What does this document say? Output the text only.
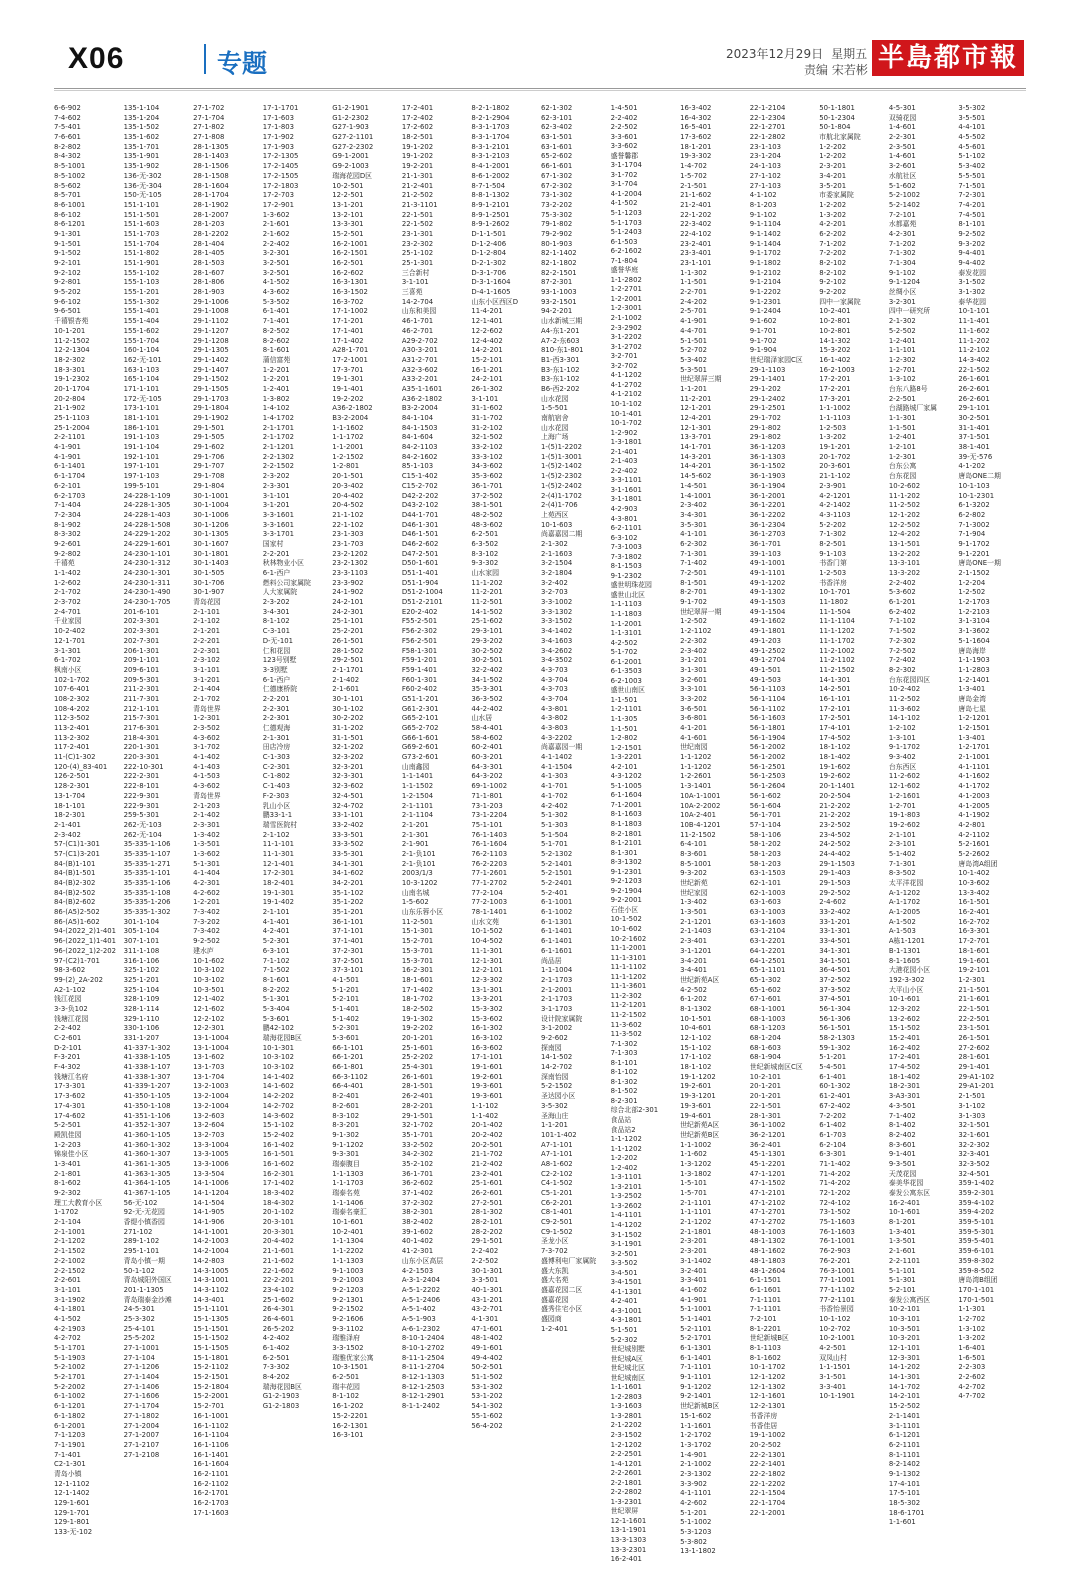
X06	专题	2023年12月29日 星期五
责编 宋若彬 半島都市報
6-6-902
7-4-602
7-5-401
7-6-601
8-2-802
8-4-302
8-5-1001
8-5-1002
8-5-602
8-5-701
8-6-1001
8-6-102
8-6-1201
9-1-301
9-1-501
9-1-502
9-2-101
9-2-102
9-2-801
9-5-202
9-6-102
9-6-501
千禧银杏苑
10-1-201
11-2-1502
12-2-1304
18-2-302
18-3-301
19-1-2302
20-1-1704
20-2-804
21-1-902
25-1-1103
25-1-2004
2-2-1101
4-1-901
4-1-901
6-1-1401
6-1-1704
6-2-101
6-2-1703
7-1-404
7-2-304
8-1-902
8-3-302
9-2-601
9-2-802
千禧苑
1-1-402
1-2-602
2-1-702
2-3-702
2-4-701
千业家园
10-2-402
12-1-701
3-1-301
6-1-702
枫南小区
102-1-702
107-6-401
108-2-302
108-4-202
112-3-502
113-2-401
113-2-302
117-2-401
11-(C)1-302
120-(4)_83-401
126-2-501
128-2-301
13-1-704
18-1-101
18-2-301
2-1-401
2-3-402
57-(C1)1-301
57-(C1)3-201
84-(B)1-101
84-(B)1-501
84-(B)2-302
84-(B)2-502
84-(B)2-602
86-(A5)2-502
86-(A5)1-602
94-(2022_2)1-401
96-(2022_1)1-401
96-(2022_1)2-202
97-(C2)1-701
98-3-602
99-(2)_2A-202
A2-1-102
钱江花园
3-3-负102
钱塘江花园
2-2-402
C-2-601
D-2-101
F-3-201
F-4-302
钱塘江名府
17-3-301
17-3-602
17-4-301
17-4-602
5-2-501
殿凯佳园
1-2-203
锦泉佳小区
1-3-401
2-1-801
8-1-602
9-2-302
理工大教育小区
1-1702
2-1-104
2-1-1001
2-1-1202
2-1-1502
2-2-1002
2-2-1502
2-2-601
3-1-101
3-1-1902
4-1-1801
4-1-502
4-2-1903
4-2-702
5-1-1701
5-1-1903
5-2-1002
5-2-1701
5-2-2002
6-1-1002
6-1-1201
6-1-1802
6-1-2001
7-1-1203
7-1-1901
7-1-401
C2-1-301
青岛小镇
12-1-1102
12-1-1402
129-1-601
129-1-701
129-1-801
133-无-102
135-1-104
135-1-204
135-1-502
135-1-602
135-1-701
135-1-901
135-1-902
136-无-302
136-无-304
150-无-105
151-1-101
151-1-501
151-1-603
151-1-703
151-1-704
151-1-802
151-1-901
155-1-102
155-1-103
155-1-201
155-1-302
155-1-401
155-1-404
155-1-602
155-1-704
160-1-104
162-无-101
163-1-103
165-1-104
171-1-101
172-无-105
173-1-101
181-1-101
186-1-101
191-1-103
191-1-104
192-1-101
197-1-101
197-1-103
199-5-101
24-228-1-109
24-228-1-305
24-228-1-403
24-228-1-508
24-229-1-202
24-229-1-601
24-230-1-101
24-230-1-312
24-230-1-301
24-230-1-311
24-230-1-490
24-230-1-705
201-6-101
202-3-301
202-3-301
202-7-301
206-1-301
209-1-101
209-6-101
209-5-301
211-2-301
211-7-301
212-1-101
215-7-301
217-6-301
218-4-301
220-1-301
220-3-301
222-10-301
222-2-301
222-8-101
222-9-301
222-9-301
259-5-301
262-无-103
262-无-104
35-335-1-106
35-335-1-107
35-335-1-271
35-335-1-101
35-335-1-106
35-335-1-108
35-335-1-206
35-335-1-302
301-1-104
305-1-104
307-1-101
311-1-108
316-1-106
325-1-102
325-1-201
325-1-104
328-1-109
328-1-114
329-1-110
330-1-106
331-1-207
41-337-1-302
41-338-1-105
41-338-1-107
41-338-1-307
41-339-1-207
41-350-1-105
41-350-1-108
41-351-1-106
41-352-1-307
41-360-1-105
41-360-1-302
41-360-1-307
41-361-1-305
41-363-1-305
41-364-1-105
41-367-1-105
56-无-102
92-无-无花园
香缇小镇香园
271-102
289-1-102
295-1-101
青岛小镇一期
50-1-102
青岛城阳外国区
201-1-1305
青岛瑞泰金沙滩
24-5-301
25-3-302
25-4-101
25-5-202
27-1-1001
27-1-104
27-1-1206
27-1-1404
27-1-1406
27-1-1606
27-1-1704
27-1-1802
27-1-2004
27-1-2007
27-1-2107
27-1-2108
27-1-702
27-1-704
27-1-802
27-1-808
28-1-1305
28-1-1403
28-1-1506
28-1-1508
28-1-1604
28-1-1704
28-1-1902
28-1-2007
28-1-203
28-1-2202
28-1-404
28-1-405
28-1-503
28-1-607
28-1-806
28-1-903
29-1-1006
29-1-1008
29-1-1102
29-1-1207
29-1-1208
29-1-1305
29-1-1402
29-1-1407
29-1-1502
29-1-1505
29-1-1703
29-1-1804
29-1-1902
29-1-501
29-1-505
29-1-602
29-1-706
29-1-707
29-1-708
29-1-804
30-1-1001
30-1-1004
30-1-1006
30-1-1206
30-1-1305
30-1-1607
30-1-1801
30-1-1403
30-1-505
30-1-706
30-1-907
青岛花园
2-1-101
2-1-102
2-1-201
2-2-201
2-2-301
2-3-102
3-1-101
3-1-201
2-1-404
2-1-702
青岛世界
1-2-301
2-3-502
4-3-602
3-1-702
4-1-402
4-1-403
4-1-503
4-3-602
青岛世界
2-1-203
2-1-402
2-3-301
1-3-402
1-3-501
1-3-602
5-1-301
4-1-404
4-2-301
4-2-602
1-2-201
7-3-402
7-3-202
7-3-402
9-2-502
建水庐
10-1-602
10-3-102
10-3-102
10-3-501
12-1-402
12-1-602
12-2-102
12-2-301
13-1-1004
13-1-1004
13-1-602
13-1-703
13-1-704
13-2-1003
13-2-1004
13-2-1004
13-2-603
13-2-604
13-2-703
13-3-1004
13-3-1005
13-3-1006
13-3-504
14-1-1006
14-1-1204
14-1-504
14-1-905
14-1-906
14-1-1001
14-2-1003
14-2-1004
14-2-803
14-3-1005
14-3-1001
14-3-1102
14-3-401
15-1-1101
15-1-1305
15-1-1501
15-1-1502
15-1-1505
15-1-1801
15-2-1102
15-2-1501
15-2-1804
15-2-2001
15-2-701
16-1-1001
16-1-1102
16-1-1104
16-1-1106
16-1-1401
16-1-1604
16-2-1101
16-2-1102
16-2-1701
16-2-1703
17-1-1603
17-1-1701
17-1-603
17-1-803
17-1-902
17-1-903
17-2-1305
17-2-1405
17-2-1505
17-2-1803
17-2-703
17-2-901
1-3-602
2-1-601
2-1-602
2-2-402
3-2-301
3-2-501
3-2-501
4-1-502
4-3-602
5-3-502
6-1-401
7-1-401
8-2-502
8-2-602
8-1-601
蒲信富苑
1-2-201
1-2-201
1-2-401
1-3-802
1-4-102
1-4-1702
2-1-1701
2-1-1702
2-1-1201
2-2-1302
2-2-1502
2-3-202
2-3-301
3-1-101
3-1-201
3-3-1601
3-3-1601
3-3-1701
国家村
2-2-201
秋林物业小区
6-1-西户
燃料公司家属院
人大家属院
2-3-202
3-4-301
8-1-102
C-3-101
D-无-101
仁和花园
123号别墅
3-3别墅
6-1-西户
仁德康桥院
2-2-201
2-2-301
2-2-301
仁德观海
2-1-301
田店冷房
C-1-303
C-2-301
C-1-802
C-1-403
F-2-303
乳山小区
鹏33-1-1
瑞雪医院村
2-1-102
11-1-101
11-1-301
12-1-401
17-2-301
18-2-401
19-1-301
19-1-402
2-1-101
4-1-401
4-2-401
5-2-301
6-3-101
7-1-102
7-1-502
8-1-601
8-2-202
5-1-301
5-3-404
5-3-601
鹏42-102
瑞海花园B区
10-1-301
10-3-102
10-3-102
14-1-402
14-1-602
14-2-202
14-2-702
14-3-602
15-1-102
15-2-402
16-1-402
16-1-501
16-1-602
16-2-301
17-1-402
18-3-402
18-4-302
20-1-102
20-3-101
20-3-301
20-4-402
21-1-601
21-1-602
22-1-602
22-2-201
23-4-102
25-1-602
26-4-301
26-4-601
26-5-202
4-2-402
6-1-402
6-2-501
7-3-302
8-4-202
瑞海花园B区
G1-2-1903
G1-2-1803
G1-2-1901
G1-2-2302
G27-1-903
G27-2-1101
G27-2-2302
G9-1-2001
G9-2-1003
瑞海花园D区
10-2-501
12-2-501
13-1-201
13-2-101
13-3-301
15-2-501
16-2-1001
16-2-1501
16-2-501
16-2-602
16-3-1301
16-3-1502
16-3-702
17-1-1002
17-1-201
17-1-401
17-1-402
A28-1-701
17-2-1001
17-3-701
19-1-301
19-1-401
19-2-202
A36-2-1802
B3-2-2004
1-1-1602
1-1-1702
1-1-2001
1-2-1502
1-2-801
20-1-501
20-3-402
20-4-402
20-4-502
21-1-102
22-1-102
23-1-303
23-1-703
23-2-1202
23-2-1302
23-3-1103
23-3-902
24-1-902
24-2-101
24-2-301
25-1-101
25-2-201
26-1-501
28-1-502
29-2-501
2-1-1701
2-1-402
2-1-601
30-1-101
30-1-102
30-2-202
31-1-202
31-1-501
32-1-202
32-3-202
32-3-201
32-3-301
32-3-602
32-4-501
32-4-702
33-1-101
33-2-402
33-3-501
33-3-502
33-5-301
34-1-301
34-1-602
34-2-201
35-1-102
35-1-202
35-1-201
36-1-101
37-1-101
37-1-401
37-2-301
37-2-501
37-3-101
4-1-501
5-1-201
5-2-101
5-1-401
5-1-402
5-2-301
5-3-601
66-1-101
66-1-201
66-1-801
66-3-1102
66-4-401
8-2-401
8-2-601
8-3-102
8-3-201
9-1-302
9-1-1202
9-3-301
瑞泰腹目
1-1-1303
1-1-1703
瑞泰名苑
1-1-1406
瑞泰名豪汇
10-1-601
10-2-401
1-1-1304
1-1-2202
1-1-1303
9-1-1003
9-2-1003
9-2-1203
9-2-1301
9-2-1502
9-2-1606
9-3-1102
瑞雅泽府
3-3-1502
瑞雅优家公寓
10-3-1501
6-2-501
瑞丰花园
8-1-102
16-1-202
15-2-2201
16-2-1301
16-3-101
17-2-401
17-2-402
17-2-602
18-2-501
19-1-202
19-1-202
19-2-201
21-1-301
21-2-401
21-2-502
21-3-1101
22-1-501
22-1-502
23-1-301
23-2-302
25-1-102
25-1-301
三合新村
3-1-101
三喜苑
14-2-704
山东和美园
46-1-701
46-2-701
A29-2-702
A30-3-201
A31-2-701
A32-3-602
A33-2-201
A35-1-1601
A36-2-1802
B3-2-2004
84-1-104
84-1-1503
84-1-604
84-2-1103
84-2-1602
85-1-103
C15-1-402
C15-2-702
D42-2-202
D43-2-102
D44-1-701
D46-1-301
D46-1-501
D46-2-602
D47-2-501
D50-1-601
D51-1-401
D51-1-904
D51-2-1004
D51-2-2101
E20-2-402
F55-2-501
F56-2-302
F56-2-501
F58-1-301
F59-1-201
F59-1-401
F60-1-301
F60-2-402
G51-1-201
G61-2-301
G65-2-101
G65-2-702
G66-1-601
G69-2-601
G73-2-601
山南鑫园
1-1-1401
1-1-1502
1-2-1504
2-1-1101
2-1-1104
2-1-201
2-1-301
2-1-901
2-1-负101
2-1-负101
2003/1/3
10-3-1202
山南名城
1-5-602
山东乐蓉小区
11-2-501
15-1-301
15-2-701
15-3-701
15-3-701
16-2-301
18-1-601
17-1-402
18-1-702
18-2-502
19-1-302
19-2-202
20-1-201
25-1-601
25-2-202
25-4-301
26-1-601
28-1-501
26-2-401
28-2-201
29-1-501
32-1-702
35-1-701
33-2-502
34-2-302
35-2-102
36-1-701
36-2-602
37-1-402
37-2-302
38-2-301
38-2-402
39-1-602
40-1-402
41-2-301
山东小区高层
4-2-1503
A-3-1-2404
A-5-1-2202
A-5-1-2406
A-5-1-402
A-5-1-903
A-6-1-2302
8-10-1-2404
8-10-1-2702
8-11-1-2504
8-11-1-2704
8-12-1-1303
8-12-1-2503
8-12-1-2901
8-1-1-2402
8-2-1-1802
8-2-1-2904
8-3-1-1703
8-3-1-1704
8-3-1-2101
8-3-1-2103
8-4-1-2001
8-6-1-2002
8-7-1-504
8-8-1-1302
8-9-1-2101
8-9-1-2501
8-9-1-2602
D-1-1-501
D-1-2-406
D-1-2-804
D-2-1-302
D-3-1-706
D-3-1-1604
D-4-1-1605
山东小区西区D
11-4-201
12-1-401
12-2-602
12-4-402
14-2-201
15-2-101
16-1-201
24-2-101
26-1-302
3-1-101
31-1-602
31-1-702
31-2-102
32-1-502
33-2-102
33-3-102
34-3-602
35-3-602
36-1-701
37-2-502
38-1-501
48-2-502
48-3-602
6-2-501
6-3-502
8-3-102
9-3-302
山水家园
11-1-202
11-2-201
11-2-501
14-1-502
25-1-602
29-3-101
29-3-202
30-2-502
30-2-501
32-2-402
34-1-502
35-3-301
36-3-502
44-2-402
山水居
58-4-401
58-4-602
60-2-401
60-3-201
64-3-301
64-3-202
69-1-1002
71-1-801
73-1-203
73-1-2204
75-1-101
76-1-1403
76-1-1604
76-2-1103
76-2-2203
77-1-2601
77-1-2702
77-2-104
77-2-1003
78-1-1401
山水文苑
10-1-502
10-4-502
11-1-301
12-1-301
12-2-101
12-3-302
13-1-301
13-3-201
15-3-302
15-3-602
16-1-302
16-3-102
16-3-602
17-1-101
19-1-601
19-2-601
19-3-601
19-3-601
1-1-102
1-1-402
20-1-402
20-2-402
20-2-501
21-1-702
21-2-402
23-2-401
25-1-601
26-2-601
27-2-501
28-1-302
28-2-101
28-2-202
29-1-501
2-2-402
2-2-502
30-1-301
3-3-501
40-1-301
43-1-201
43-2-701
4-1-301
47-1-601
48-1-402
49-1-601
49-4-402
50-2-501
51-1-502
53-1-302
53-1-202
54-1-302
55-1-602
56-4-202
62-1-302
62-3-101
62-3-402
63-1-501
63-1-601
65-2-602
66-1-601
67-1-302
67-2-302
73-1-302
73-2-202
75-3-302
79-1-802
79-2-902
80-1-903
82-1-1402
82-1-1802
82-2-1501
87-2-301
93-1-1003
93-2-1501
94-2-201
山水新城三期
A4-东1-201
A7-2-东603
810-东1-801
B1-西3-301
B3-东1-102
B3-东1-102
B6-西2-202
山水花园
1-5-501
南航宿舍
山水花园
上海广场
1-(5)1-2202
1-(5)1-3001
1-(5)2-1402
1-(5)2-2302
1-(5)2-2402
2-(4)1-1702
2-(4)1-706
上苑西区
10-1-603
尚嘉嘉园二期
2-1-302
2-1-1603
3-2-1504
3-2-1804
3-2-402
3-2-703
3-3-1002
3-3-1302
3-3-1502
3-4-1402
3-4-1603
3-4-2602
3-4-3502
4-3-703
4-3-704
4-3-703
4-3-704
4-3-801
4-3-802
4-3-803
4-3-2202
尚嘉嘉园一期
4-1-1402
4-1-1504
4-1-303
4-1-701
4-1-702
4-2-402
5-1-302
5-1-303
5-1-504
5-1-701
5-2-1302
5-2-1401
5-2-1501
5-2-2401
5-2-401
6-1-1001
6-1-1002
6-1-1301
6-1-1401
6-1-1401
6-1-1601
尚品居
1-1-1004
2-1-1703
2-1-2001
2-1-1703
3-1-1703
设计院家属院
3-1-2002
9-2-602
探南园
14-1-502
14-2-702
深南怡园
5-2-1502
圣达园小区
3-5-302
圣海山庄
1-1-201
101-1-402
A7-1-101
A7-1-101
A8-1-602
C2-2-102
C4-1-502
C5-1-201
C6-2-201
C8-1-401
C9-2-501
C9-1-502
圣龙小区
7-3-702
盛博利电厂家属院
盛大东凯
盛大名苑
盛嘉花园二区
盛嘉花园
盛秀住宅小区
盛园商
1-2-401
1-4-501
2-2-402
2-2-502
3-3-601
3-3-602
盛誉馨郡
3-1-1704
3-1-702
3-1-704
4-1-2004
4-1-502
5-1-1203
5-1-1703
5-1-2403
6-1-503
6-2-1602
7-1-804
盛誉华庭
1-1-2802
1-2-2701
1-2-2001
1-2-3001
2-1-1002
2-3-2902
3-1-2202
3-1-2702
3-2-701
3-2-702
4-1-1202
4-1-2702
4-1-2102
10-1-102
10-1-401
10-1-702
1-2-902
1-3-1801
2-1-401
2-1-403
2-2-402
3-3-1101
3-1-1601
3-1-1801
4-2-903
4-3-801
6-2-1101
6-3-102
7-3-1003
7-3-1802
8-1-1503
9-1-2302
盛世明珠花园
盛世山北区
1-1-1103
1-1-1803
1-1-2001
1-1-3101
4-2-502
5-1-702
6-1-2001
6-1-3503
6-2-1003
盛世山南区
1-1-501
1-2-1101
1-1-305
1-1-501
1-2-802
1-2-1501
1-3-2201
4-2-101
4-3-1202
5-1-1005
6-1-1604
7-1-2001
8-1-1603
8-1-1803
8-2-1801
8-1-2101
8-1-301
8-3-1302
9-1-2301
9-2-1203
9-2-1904
9-2-2001
石佳小区
10-1-502
10-1-602
10-2-1602
11-1-2001
11-1-3101
11-1-1102
11-1-1202
11-1-3601
11-2-302
11-2-1201
11-2-1502
11-3-602
11-3-502
7-1-302
7-1-303
8-1-101
8-1-102
8-1-302
8-1-502
8-2-301
综合北部2-301
食品站
食品站2
1-1-1202
1-1-1202
1-2-202
1-2-402
1-3-1101
1-3-2101
1-3-2502
1-3-2602
1-4-1101
1-4-1202
3-1-1502
3-1-1901
3-2-501
3-3-502
3-4-501
3-4-1501
4-1-1301
4-2-401
4-3-1001
4-3-1801
5-1-501
5-2-302
世纪城别墅
世纪城A区
世纪城北区
世纪城南区
1-1-1601
1-2-2803
1-3-1603
1-3-2801
2-1-2202
2-3-1502
1-2-1202
2-2-2501
1-4-1201
2-2-2601
2-2-1801
2-2-2802
1-3-2301
世纪翠屏
12-1-1601
13-1-1901
13-3-1303
13-3-2301
16-2-401
16-3-402
16-4-302
16-5-401
17-3-602
18-1-201
19-3-302
1-4-702
1-5-702
2-1-501
21-1-602
21-2-401
22-1-202
22-3-402
22-4-102
23-2-401
23-3-401
23-1-101
1-1-302
1-1-501
2-2-701
2-4-202
2-5-701
4-1-901
4-4-701
5-1-501
5-2-702
5-3-402
5-3-501
世纪翠屏三期
1-1-201
11-2-201
12-1-201
12-4-201
12-1-301
13-3-701
14-1-701
14-3-201
14-4-201
14-5-602
1-4-501
1-4-1001
2-3-402
3-4-301
3-5-301
4-1-101
6-2-302
7-1-301
7-1-402
7-2-501
8-1-501
8-2-701
9-1-702
世纪翠屏一期
1-2-502
1-2-1102
2-2-302
2-3-402
3-1-201
3-1-301
3-2-601
3-3-101
3-3-202
3-6-501
3-6-801
4-1-201
4-1-601
世纪南园
1-1-1202
1-1-1202
1-2-2601
1-3-1401
10A-1-1001
10A-2-2002
10A-2-401
10B-4-1201
11-2-1502
6-4-101
8-3-601
8-5-1001
9-3-202
世纪新苑
世纪家园
1-3-402
1-3-501
2-1-1201
2-1-1403
2-3-401
3-1-1201
3-4-201
3-4-401
世纪新苑A区
4-2-502
6-1-202
8-1-1302
10-1-501
10-4-601
12-1-102
15-1-102
17-1-102
18-1-102
19-1-1202
19-2-601
19-3-1201
19-3-601
19-4-601
世纪新苑A区
世纪新苑B区
1-1-1002
1-1-602
1-3-1202
1-3-1802
1-5-101
1-5-701
2-1-1101
1-1-1101
2-1-1202
2-1-1801
2-3-201
2-3-201
3-1-1402
3-2-401
3-3-401
4-1-602
4-1-901
5-1-1001
5-1-1401
5-2-1101
5-2-1701
6-1-1301
6-1-1401
7-1-1101
9-1-1101
9-1-1202
9-2-1401
世纪新城B区
15-1-602
1-1-1601
1-2-1702
1-3-1702
1-4-901
2-1-1002
2-3-1302
3-3-902
4-1-1101
4-2-602
5-1-201
5-1-1002
5-3-1203
5-3-802
13-1-1802
22-1-2104
22-1-2304
22-1-2701
22-1-2802
23-1-103
23-1-204
24-1-103
27-1-102
27-1-103
4-1-102
8-1-203
9-1-102
9-1-1104
9-1-1402
9-1-1404
9-1-1702
9-1-1802
9-1-2102
9-1-2104
9-1-2202
9-1-2301
9-1-2404
9-1-602
9-1-701
9-1-702
9-1-904
世纪瑞泽家园C区
29-1-1103
29-1-1401
29-1-202
29-1-2402
29-1-2501
29-1-702
29-1-802
29-1-802
36-1-1203
36-1-1303
36-1-1502
36-1-1903
36-1-1904
36-1-2001
36-1-2201
36-1-2202
36-1-2304
36-1-2703
36-1-701
39-1-103
49-1-1001
49-1-1101
49-1-1202
49-1-1302
49-1-1503
49-1-1504
49-1-1602
49-1-1801
49-1-203
49-1-2502
49-1-2704
49-1-501
49-1-503
56-1-1103
56-1-1104
56-1-1102
56-1-1603
56-1-1801
56-1-1904
56-1-2002
56-1-2002
56-1-2501
56-1-2503
56-1-2604
56-1-602
56-1-604
56-1-701
57-1-104
58-1-106
58-1-202
58-1-203
58-1-203
63-1-1503
62-1-101
62-1-1003
63-1-603
63-1-1003
63-1-1603
63-1-2104
63-1-2201
64-1-2201
64-1-2501
65-1-1101
65-1-302
65-1-602
67-1-601
68-1-1001
68-1-1003
68-1-1203
68-1-204
68-1-603
68-1-904
世纪新城南区C区
10-2-101
20-1-201
20-1-201
22-1-501
28-1-301
36-1-1002
36-2-1201
36-2-401
45-1-1301
45-1-2201
47-1-1201
47-1-1502
47-1-2101
47-1-2102
47-1-2701
47-1-2702
48-1-1003
48-1-1302
48-1-1602
48-1-1803
48-1-2604
6-1-1501
6-1-1601
7-1-1101
7-1-1101
7-2-101
8-1-2201
世纪新城B区
8-1-1103
8-1-1602
10-1-1702
12-1-1202
12-1-1302
12-1-1601
12-2-1301
书香洋房
书香佳居
19-1-1002
20-2-502
22-2-1301
22-2-1401
22-2-1802
22-1-2202
22-1-1504
22-1-1704
22-1-2001
50-1-1801
50-1-2304
50-1-804
市航北家属院
1-2-202
1-2-202
2-3-201
3-4-201
3-5-201
市委家属院
1-2-202
1-3-202
4-2-201
6-2-202
7-1-202
7-2-202
8-2-102
8-2-102
9-2-102
9-2-202
四中一家属院
10-2-401
10-2-801
10-2-801
14-1-302
15-3-202
16-1-402
16-2-1003
17-2-201
17-2-201
17-3-201
1-1-1002
1-1-1103
1-2-503
1-3-202
19-1-201
20-1-702
20-3-601
21-1-102
2-3-901
4-2-1201
4-2-1402
4-3-1103
5-2-202
7-1-302
8-2-501
9-1-103
书香门第
1-2-503
书香洋房
10-1-701
11-1802
11-1-504
11-1-1104
11-1-1202
11-1-1702
11-2-1002
11-2-1102
11-2-1502
14-1-301
14-2-501
16-1-101
17-2-101
17-2-501
17-4-101
17-4-502
18-1-102
18-1-402
19-1-602
19-2-602
20-1-1401
20-2-504
21-2-202
21-2-202
23-2-502
23-4-502
24-2-502
24-4-402
29-1-1503
29-1-403
29-1-503
29-2-502
2-4-602
33-2-402
33-1-201
33-1-301
33-4-501
34-1-301
34-1-501
36-4-501
37-2-502
37-3-502
37-4-501
56-1-304
56-1-306
56-1-501
58-2-1303
59-1-302
5-1-201
5-4-501
6-1-401
60-1-302
61-2-401
67-2-402
7-2-202
6-1-402
6-1-703
6-2-104
6-3-301
71-1-402
71-4-202
71-4-202
72-1-202
72-4-102
73-1-502
75-1-1603
76-1-1603
76-1-1001
76-2-903
76-2-201
76-3-1001
77-1-1001
77-1-1102
77-2-1101
书香怡景园
10-1-102
10-2-702
10-2-1001
4-2-501
双凤山村
1-1-1501
3-1-501
3-3-401
10-1-1901
4-5-301
双骑花园
1-4-601
2-2-301
2-3-501
1-4-601
3-2-601
水航社区
5-1-602
5-2-1002
5-2-1402
7-2-101
水都嘉苑
4-2-301
7-1-202
7-1-302
7-1-304
9-1-102
9-1-1204
丝绸小区
3-2-301
四中一研究所
2-1-302
5-2-502
1-2-401
1-1-101
1-2-302
1-2-701
1-3-102
台东八路8号
2-2-501
台湖路城厂家属
1-1-301
1-1-501
1-2-401
1-2-101
1-2-301
台东公寓
台东花园
10-2-602
11-1-202
11-2-502
12-1-202
12-2-502
12-4-202
13-1-501
13-2-202
13-3-101
13-3-202
2-2-402
5-3-602
6-1-201
6-2-402
7-1-102
7-1-502
7-2-302
7-2-502
7-2-402
8-2-302
台东花园四区
10-2-402
11-2-502
11-3-602
14-1-102
1-2-102
1-3-101
9-1-1702
9-3-402
台东西区
11-2-602
12-1-602
1-2-1601
1-2-701
19-1-803
19-2-602
2-1-101
2-3-101
5-1-402
7-1-301
8-3-502
太平洋花园
A-1-1202
A-1-1702
A-1-2005
A-1-502
A-1-503
A栋1-1201
B-1-1301
8-1-1605
大港花园小区
192-3-302
大平山小区
10-1-601
12-3-202
13-2-602
15-1-502
15-2-401
16-2-402
17-2-401
17-4-502
18-1-402
18-2-301
3-A3-301
4-3-501
7-1-402
8-1-402
8-2-402
8-3-601
9-1-401
9-3-501
天茂花园
泰美华花园
泰发公寓东区
16-2-401
10-1-601
8-1-201
1-3-401
1-3-501
2-1-601
2-2-1101
5-1-101
5-1-301
5-2-101
泰发公寓西区
10-2-101
10-3-101
10-3-501
10-3-201
12-1-101
12-3-301
14-1-202
14-1-301
14-1-702
14-2-101
15-2-502
2-1-1401
3-1-1101
6-1-1201
6-2-1101
8-1-1101
8-2-1402
9-1-1302
17-4-101
17-5-101
18-5-302
18-6-1701
1-1-601
3-5-302
3-5-501
4-4-101
4-5-502
4-5-601
5-1-102
5-3-402
5-5-501
7-1-501
7-2-301
7-4-201
7-4-501
8-1-101
9-2-502
9-3-202
9-4-401
9-4-402
泰发花园
3-1-502
3-1-302
泰华花园
10-1-101
11-1-401
11-1-602
11-1-202
11-2-102
14-3-402
22-1-502
26-1-601
26-2-601
26-2-601
29-1-101
30-2-501
31-1-401
37-1-501
38-1-401
39-无-576
4-1-202
唐岛ONE二期
10-1-103
10-1-2301
6-1-3202
6-2-802
7-1-3002
7-1-904
9-1-1702
9-1-2201
唐岛ONE一期
2-1-1502
1-2-204
1-2-502
1-2-1703
1-2-2103
3-1-3104
3-1-3602
5-1-1604
唐岛海岸
1-1-1903
1-1-2803
1-2-1401
1-3-401
唐岛金湾
唐岛七星
1-2-1201
1-2-1501
1-3-401
1-2-1701
2-1-1001
4-1-1101
4-1-1602
4-1-1702
4-1-2003
4-1-2005
4-1-1902
4-2-801
4-2-1102
5-2-1601
5-2-2602
唐岛湾A组团
10-1-402
10-3-602
13-3-402
16-1-501
16-2-401
16-2-702
16-3-301
17-2-701
18-1-601
19-1-601
19-2-101
1-2-301
21-1-501
21-1-601
22-1-501
22-2-501
23-1-501
26-1-501
27-2-602
28-1-601
29-1-401
29-A1-102
29-A1-201
2-1-501
3-1-102
3-1-303
32-1-501
32-1-601
32-2-302
32-3-401
32-3-502
32-4-501
359-1-402
359-2-301
359-4-102
359-4-202
359-5-101
359-5-301
359-5-401
359-6-101
359-8-302
359-8-502
唐岛湾B组团
170-1-101
170-1-501
1-1-301
1-2-702
1-3-102
1-3-202
1-6-401
1-6-501
2-2-303
2-2-602
4-2-702
4-7-702
